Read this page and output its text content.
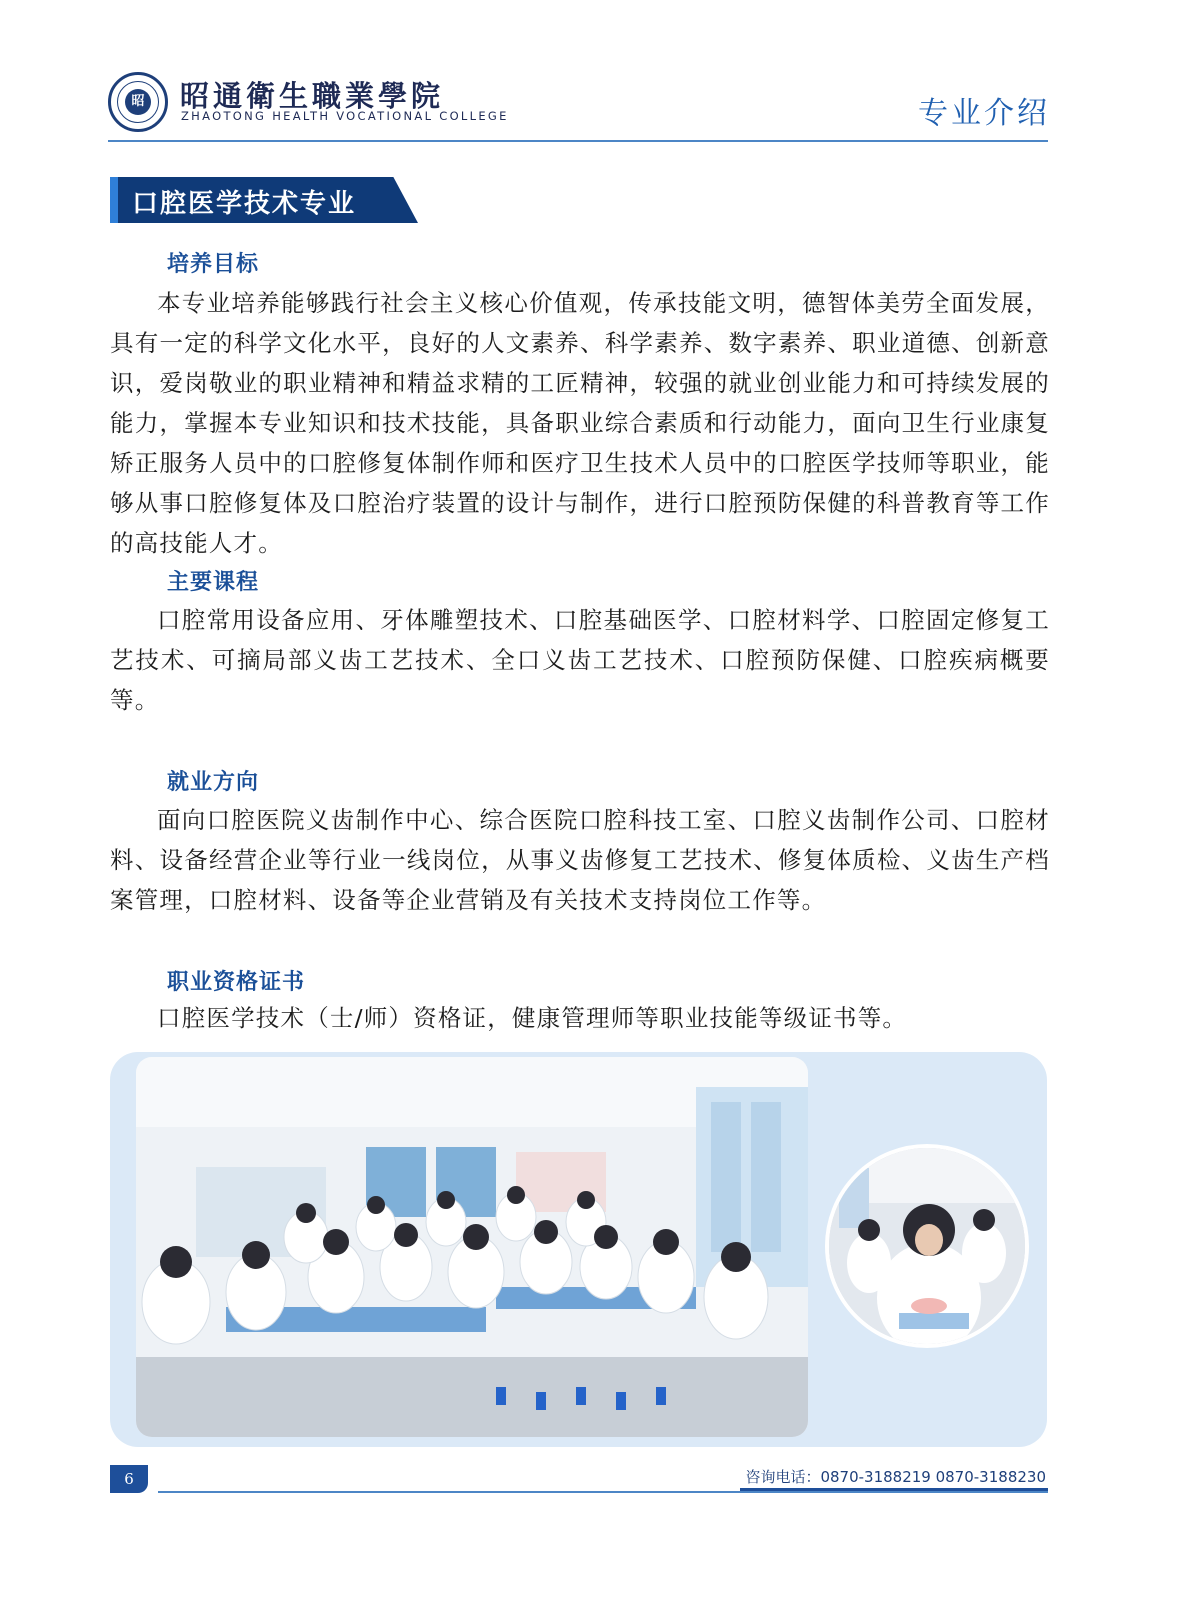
昭 昭通衛生職業學院
ZHAOTONG HEALTH VOCATIONAL COLLEGE	专业介绍
口腔医学技术专业
培养目标
本专业培养能够践行社会主义核心价值观，传承技能文明，德智体美劳全面发展，具有一定的科学文化水平，良好的人文素养、科学素养、数字素养、职业道德、创新意识，爱岗敬业的职业精神和精益求精的工匠精神，较强的就业创业能力和可持续发展的能力，掌握本专业知识和技术技能，具备职业综合素质和行动能力，面向卫生行业康复矫正服务人员中的口腔修复体制作师和医疗卫生技术人员中的口腔医学技师等职业，能够从事口腔修复体及口腔治疗装置的设计与制作，进行口腔预防保健的科普教育等工作的高技能人才。
主要课程
口腔常用设备应用、牙体雕塑技术、口腔基础医学、口腔材料学、口腔固定修复工艺技术、可摘局部义齿工艺技术、全口义齿工艺技术、口腔预防保健、口腔疾病概要等。
就业方向
面向口腔医院义齿制作中心、综合医院口腔科技工室、口腔义齿制作公司、口腔材料、设备经营企业等行业一线岗位，从事义齿修复工艺技术、修复体质检、义齿生产档案管理，口腔材料、设备等企业营销及有关技术支持岗位工作等。
职业资格证书
口腔医学技术（士/师）资格证，健康管理师等职业技能等级证书等。
6	咨询电话：0870-3188219 0870-3188230
